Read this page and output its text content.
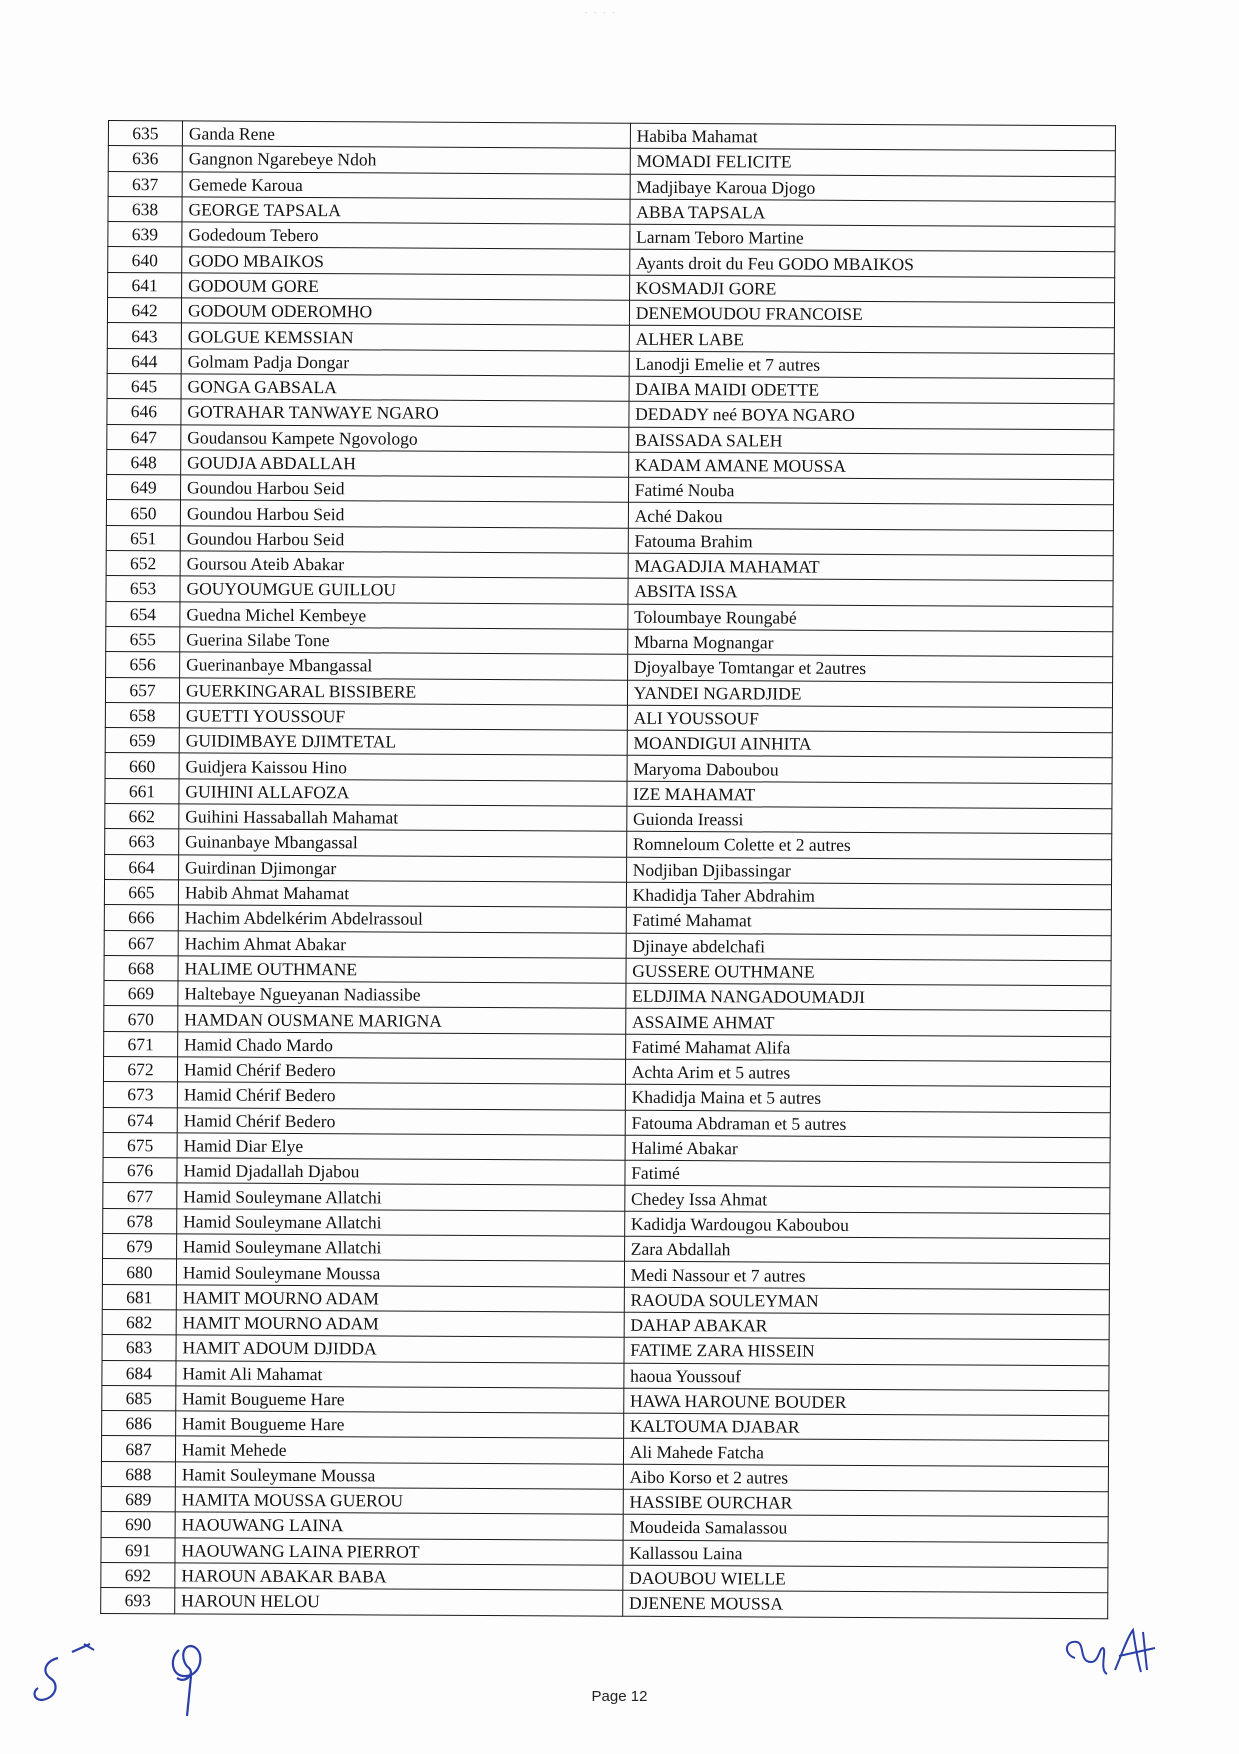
˗ ˗ ˗ ˗
635	Ganda Rene	Habiba Mahamat
636	Gangnon Ngarebeye Ndoh	MOMADI FELICITE
637	Gemede Karoua	Madjibaye Karoua Djogo
638	GEORGE TAPSALA	ABBA TAPSALA
639	Godedoum Tebero	Larnam Teboro Martine
640	GODO MBAIKOS	Ayants droit du Feu GODO MBAIKOS
641	GODOUM GORE	KOSMADJI GORE
642	GODOUM ODEROMHO	DENEMOUDOU FRANCOISE
643	GOLGUE KEMSSIAN	ALHER LABE
644	Golmam Padja Dongar	Lanodji Emelie et 7 autres
645	GONGA GABSALA	DAIBA MAIDI ODETTE
646	GOTRAHAR TANWAYE NGARO	DEDADY neé BOYA NGARO
647	Goudansou Kampete Ngovologo	BAISSADA SALEH
648	GOUDJA ABDALLAH	KADAM AMANE MOUSSA
649	Goundou Harbou Seid	Fatimé Nouba
650	Goundou Harbou Seid	Aché Dakou
651	Goundou Harbou Seid	Fatouma Brahim
652	Goursou Ateib Abakar	MAGADJIA MAHAMAT
653	GOUYOUMGUE GUILLOU	ABSITA ISSA
654	Guedna Michel Kembeye	Toloumbaye Roungabé
655	Guerina Silabe Tone	Mbarna Mognangar
656	Guerinanbaye Mbangassal	Djoyalbaye Tomtangar et 2autres
657	GUERKINGARAL BISSIBERE	YANDEI NGARDJIDE
658	GUETTI YOUSSOUF	ALI YOUSSOUF
659	GUIDIMBAYE DJIMTETAL	MOANDIGUI AINHITA
660	Guidjera Kaissou Hino	Maryoma Daboubou
661	GUIHINI ALLAFOZA	IZE MAHAMAT
662	Guihini Hassaballah Mahamat	Guionda Ireassi
663	Guinanbaye Mbangassal	Romneloum Colette et 2 autres
664	Guirdinan Djimongar	Nodjiban Djibassingar
665	Habib Ahmat Mahamat	Khadidja Taher Abdrahim
666	Hachim Abdelkérim Abdelrassoul	Fatimé Mahamat
667	Hachim Ahmat Abakar	Djinaye abdelchafi
668	HALIME OUTHMANE	GUSSERE OUTHMANE
669	Haltebaye Ngueyanan Nadiassibe	ELDJIMA NANGADOUMADJI
670	HAMDAN OUSMANE MARIGNA	ASSAIME AHMAT
671	Hamid Chado Mardo	Fatimé Mahamat Alifa
672	Hamid Chérif Bedero	Achta Arim et 5 autres
673	Hamid Chérif Bedero	Khadidja Maina et 5 autres
674	Hamid Chérif Bedero	Fatouma Abdraman et 5 autres
675	Hamid Diar Elye	Halimé Abakar
676	Hamid Djadallah Djabou	Fatimé
677	Hamid Souleymane Allatchi	Chedey Issa Ahmat
678	Hamid Souleymane Allatchi	Kadidja Wardougou Kaboubou
679	Hamid Souleymane Allatchi	Zara Abdallah
680	Hamid Souleymane Moussa	Medi Nassour et 7 autres
681	HAMIT MOURNO ADAM	RAOUDA SOULEYMAN
682	HAMIT MOURNO ADAM	DAHAP ABAKAR
683	HAMIT ADOUM DJIDDA	FATIME ZARA HISSEIN
684	Hamit Ali Mahamat	haoua Youssouf
685	Hamit Bougueme Hare	HAWA HAROUNE BOUDER
686	Hamit Bougueme Hare	KALTOUMA DJABAR
687	Hamit Mehede	Ali Mahede Fatcha
688	Hamit Souleymane Moussa	Aibo Korso et 2 autres
689	HAMITA MOUSSA GUEROU	HASSIBE OURCHAR
690	HAOUWANG LAINA	Moudeida Samalassou
691	HAOUWANG LAINA PIERROT	Kallassou Laina
692	HAROUN ABAKAR BABA	DAOUBOU WIELLE
693	HAROUN HELOU	DJENENE MOUSSA
Page 12
